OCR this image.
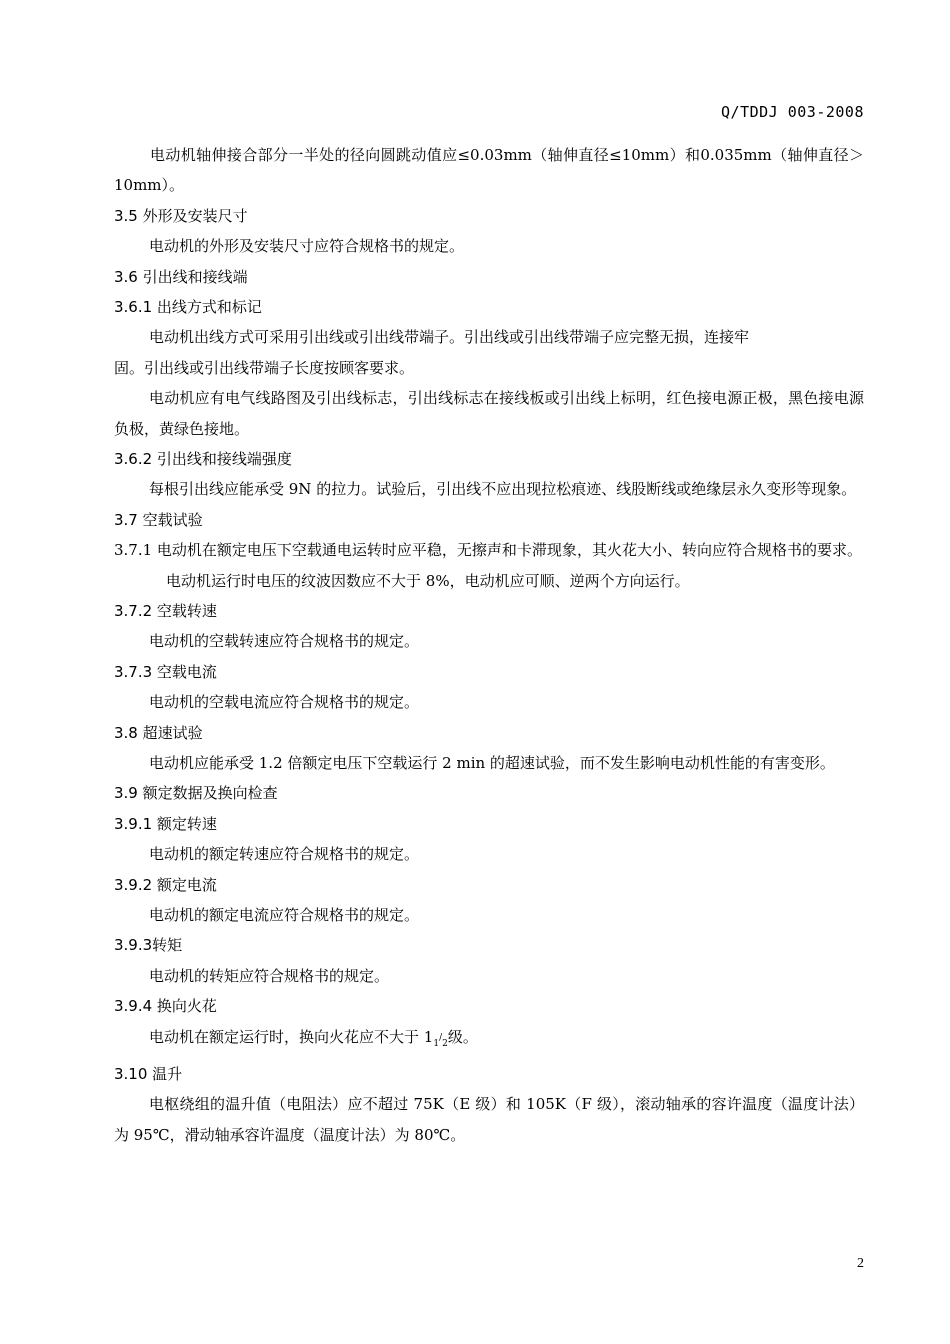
Q/TDDJ 003-2008
电动机轴伸接合部分一半处的径向圆跳动值应≤0.03mm（轴伸直径≤10mm）和0.035mm（轴伸直径＞10mm）。
3.5 外形及安装尺寸
电动机的外形及安装尺寸应符合规格书的规定。
3.6 引出线和接线端
3.6.1 出线方式和标记
电动机出线方式可采用引出线或引出线带端子。引出线或引出线带端子应完整无损，连接牢
固。引出线或引出线带端子长度按顾客要求。
电动机应有电气线路图及引出线标志，引出线标志在接线板或引出线上标明，红色接电源正极，黑色接电源负极，黄绿色接地。
3.6.2 引出线和接线端强度
每根引出线应能承受 9N 的拉力。试验后，引出线不应出现拉松痕迹、线股断线或绝缘层永久变形等现象。
3.7 空载试验
3.7.1 电动机在额定电压下空载通电运转时应平稳，无擦声和卡滞现象，其火花大小、转向应符合规格书的要求。
电动机运行时电压的纹波因数应不大于 8%，电动机应可顺、逆两个方向运行。
3.7.2 空载转速
电动机的空载转速应符合规格书的规定。
3.7.3 空载电流
电动机的空载电流应符合规格书的规定。
3.8 超速试验
电动机应能承受 1.2 倍额定电压下空载运行 2 min 的超速试验，而不发生影响电动机性能的有害变形。
3.9 额定数据及换向检查
3.9.1 额定转速
电动机的额定转速应符合规格书的规定。
3.9.2 额定电流
电动机的额定电流应符合规格书的规定。
3.9.3转矩
电动机的转矩应符合规格书的规定。
3.9.4 换向火花
电动机在额定运行时，换向火花应不大于 $1_1^/_2$级。
3.10 温升
电枢绕组的温升值（电阻法）应不超过 75K（E 级）和 105K（F 级），滚动轴承的容许温度（温度计法）为 95℃，滑动轴承容许温度（温度计法）为 80℃。
2
